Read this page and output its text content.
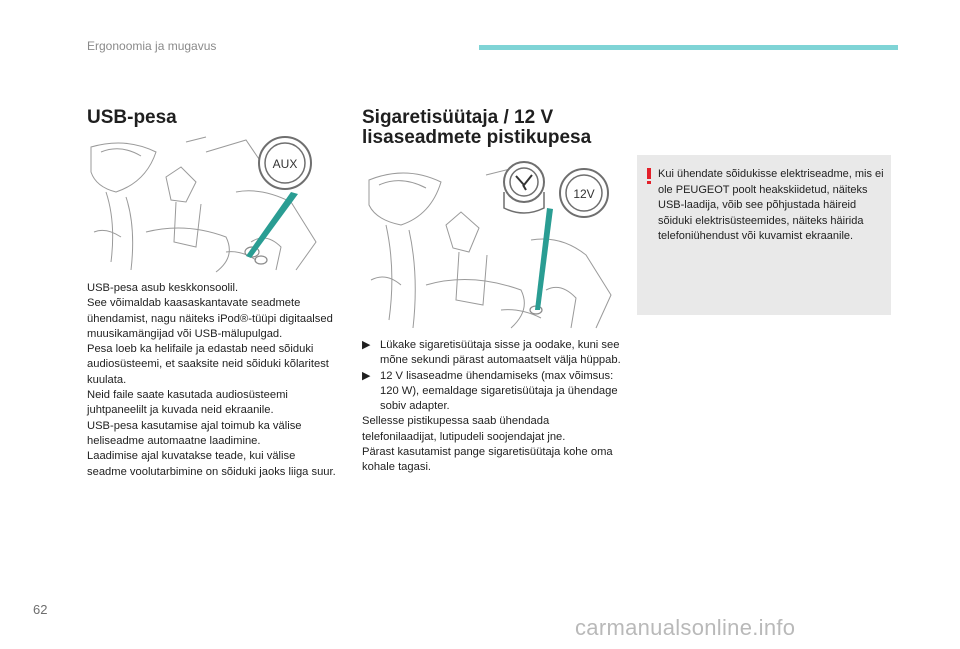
Ergonoomia ja mugavus
USB-pesa
AUX

USB-pesa asub keskkonsoolil.

See võimaldab kaasaskantavate seadmete ühendamist, nagu näiteks iPod®-tüüpi digitaalsed muusikamängijad või USB-mälupulgad.

Pesa loeb ka helifaile ja edastab need sõiduki audiosüsteemi, et saaksite neid sõiduki kõlaritest kuulata.

Neid faile saate kasutada audiosüsteemi juhtpaneelilt ja kuvada neid ekraanile.

USB-pesa kasutamise ajal toimub ka välise heliseadme automaatne laadimine.

Laadimise ajal kuvatakse teade, kui välise seadme voolutarbimine on sõiduki jaoks liiga suur.

Sigaretisüütaja / 12 V
lisaseadmete pistikupesa
12V
▶ Lükake sigaretisüütaja sisse ja oodake, kuni see mõne sekundi pärast automaatselt välja hüppab.
▶ 12 V lisaseadme ühendamiseks (max võimsus: 120 W), eemaldage sigaretisüütaja ja ühendage sobiv adapter.

Sellesse pistikupessa saab ühendada telefonilaadijat, lutipudeli soojendajat jne.

Pärast kasutamist pange sigaretisüütaja kohe oma kohale tagasi.

Kui ühendate sõidukisse elektriseadme, mis ei ole PEUGEOT poolt heakskiidetud, näiteks USB-laadija, võib see põhjustada häireid sõiduki elektrisüsteemides, näiteks häirida telefoniühendust või kuvamist ekraanile.
62
carmanualsonline.info
